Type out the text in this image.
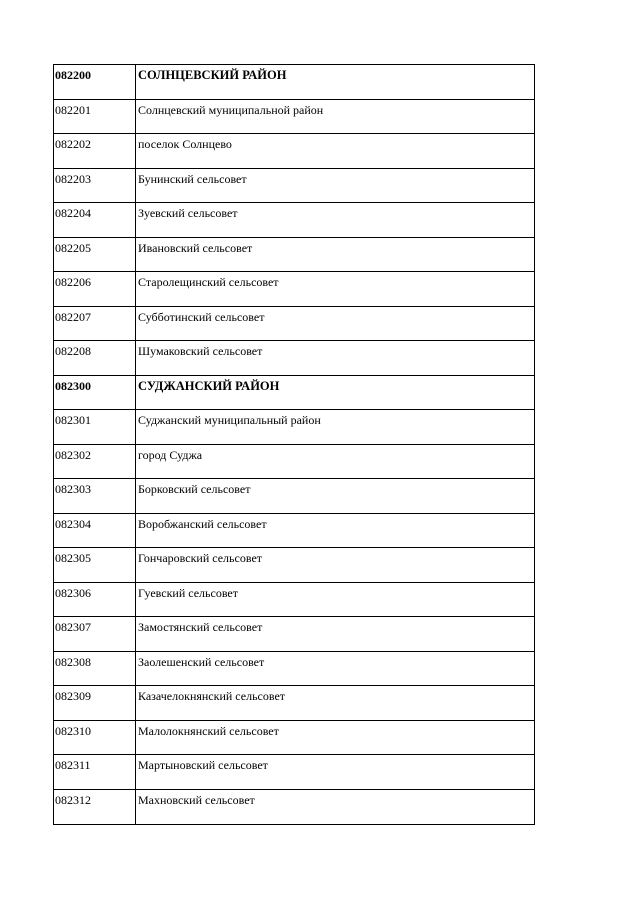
082200	СОЛНЦЕВСКИЙ РАЙОН
082201	Солнцевский муниципальной район
082202	поселок Солнцево
082203	Бунинский сельсовет
082204	Зуевский сельсовет
082205	Ивановский сельсовет
082206	Старолещинский сельсовет
082207	Субботинский сельсовет
082208	Шумаковский сельсовет
082300	СУДЖАНСКИЙ РАЙОН
082301	Суджанский муниципальный район
082302	город Суджа
082303	Борковский сельсовет
082304	Воробжанский сельсовет
082305	Гончаровский сельсовет
082306	Гуевский сельсовет
082307	Замостянский сельсовет
082308	Заолешенский сельсовет
082309	Казачелокнянский сельсовет
082310	Малолокнянский сельсовет
082311	Мартыновский сельсовет
082312	Махновский сельсовет
